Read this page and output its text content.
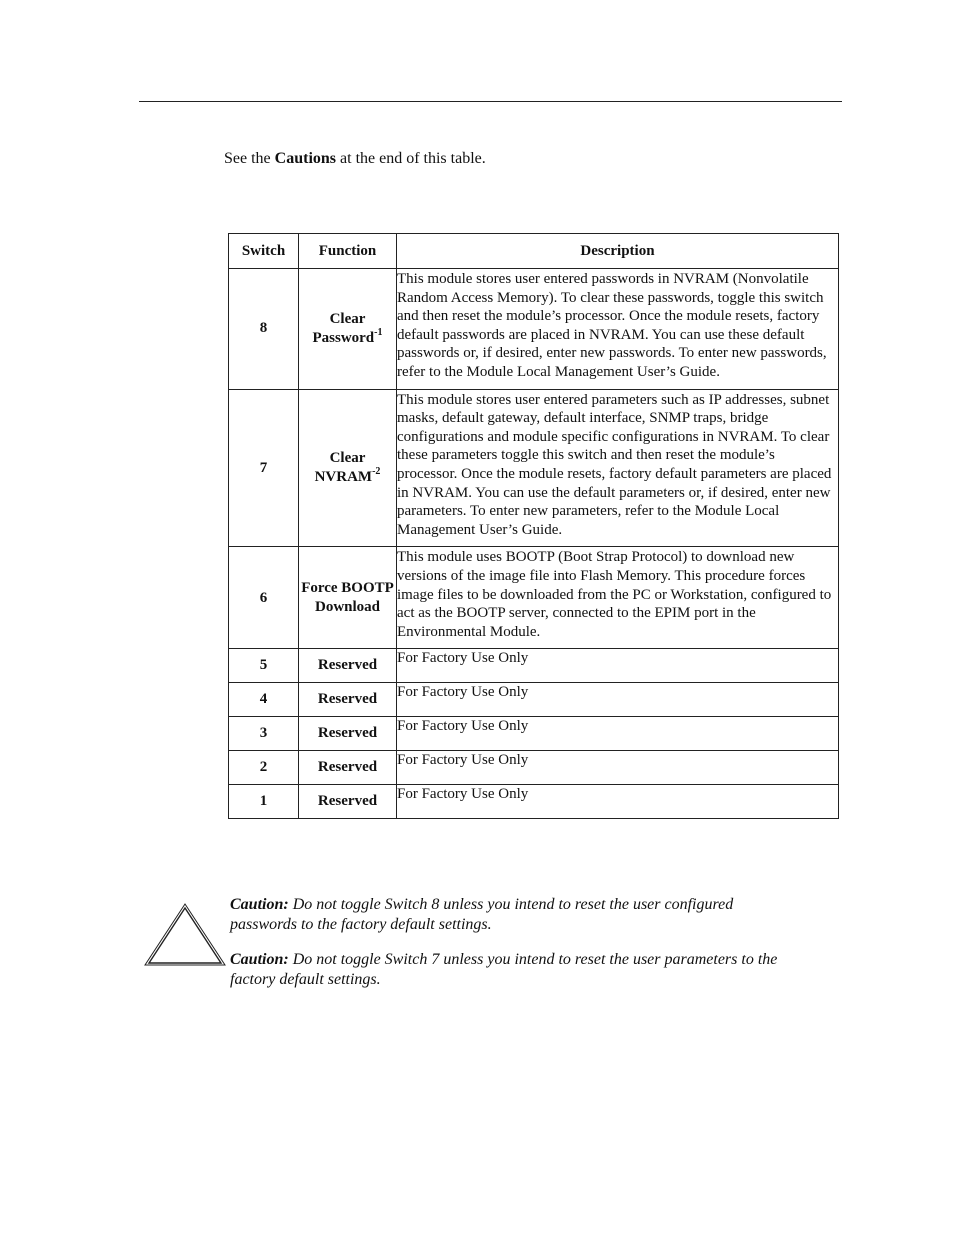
See the Cautions at the end of this table.

Switch	Function	Description
8	Clear Password$^{-1}$	This module stores user entered passwords in NVRAM (Nonvolatile Random Access Memory). To clear these passwords, toggle this switch and then reset the module’s processor. Once the module resets, factory default passwords are placed in NVRAM. You can use these default passwords or, if desired, enter new passwords. To enter new passwords, refer to the Module Local Management User’s Guide.
7	Clear $NVRAM^{-2}$	This module stores user entered parameters such as IP addresses, subnet masks, default gateway, default interface, SNMP traps, bridge configurations and module specific configurations in NVRAM. To clear these parameters toggle this switch and then reset the module’s processor. Once the module resets, factory default parameters are placed in NVRAM. You can use the default parameters or, if desired, enter new parameters. To enter new parameters, refer to the Module Local Management User’s Guide.
6	Force BOOTP Download	This module uses BOOTP (Boot Strap Protocol) to download new versions of the image file into Flash Memory. This procedure forces image files to be downloaded from the PC or Workstation, configured to act as the BOOTP server, connected to the EPIM port in the Environmental Module.
5	Reserved	For Factory Use Only
4	Reserved	For Factory Use Only
3	Reserved	For Factory Use Only
2	Reserved	For Factory Use Only
1	Reserved	For Factory Use Only

Caution: Do not toggle Switch 8 unless you intend to reset the user configured passwords to the factory default settings.

Caution: Do not toggle Switch 7 unless you intend to reset the user parameters to the factory default settings.
